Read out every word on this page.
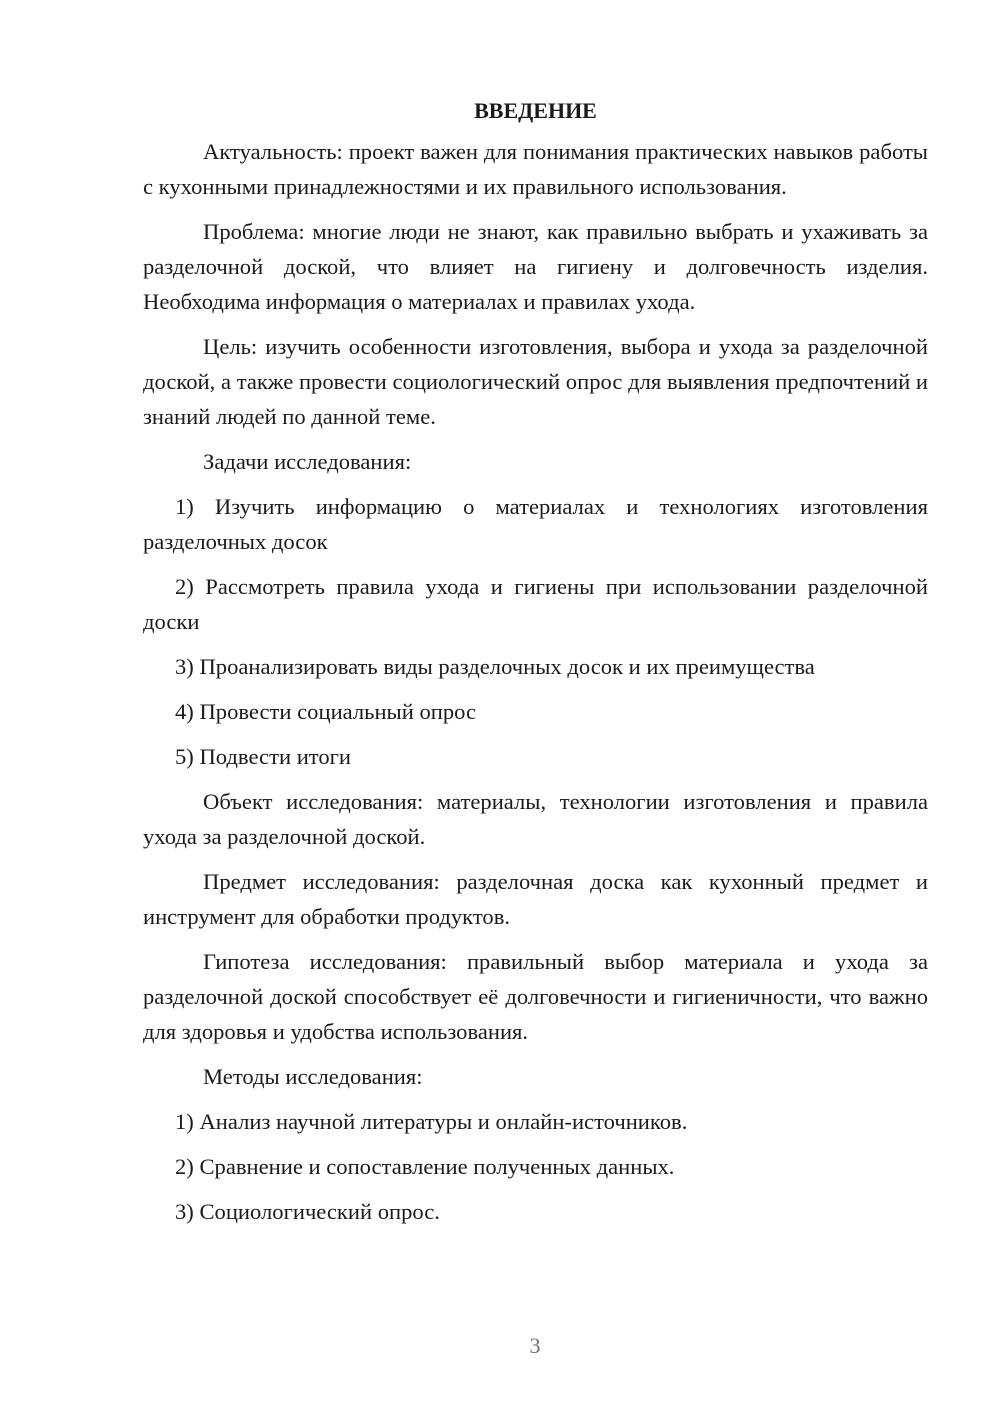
ВВЕДЕНИЕ

Актуальность: проект важен для понимания практических навыков работы с кухонными принадлежностями и их правильного использования.

Проблема: многие люди не знают, как правильно выбрать и ухаживать за разделочной доской, что влияет на гигиену и долговечность изделия. Необходима информация о материалах и правилах ухода.

Цель: изучить особенности изготовления, выбора и ухода за разделочной доской, а также провести социологический опрос для выявления предпочтений и знаний людей по данной теме.

Задачи исследования:

1) Изучить информацию о материалах и технологиях изготовления разделочных досок

2) Рассмотреть правила ухода и гигиены при использовании разделочной доски

3) Проанализировать виды разделочных досок и их преимущества

4) Провести социальный опрос

5) Подвести итоги

Объект исследования: материалы, технологии изготовления и правила ухода за разделочной доской.

Предмет исследования: разделочная доска как кухонный предмет и инструмент для обработки продуктов.

Гипотеза исследования: правильный выбор материала и ухода за разделочной доской способствует её долговечности и гигиеничности, что важно для здоровья и удобства использования.

Методы исследования:

1) Анализ научной литературы и онлайн-источников.

2) Сравнение и сопоставление полученных данных.

3) Социологический опрос.

3
